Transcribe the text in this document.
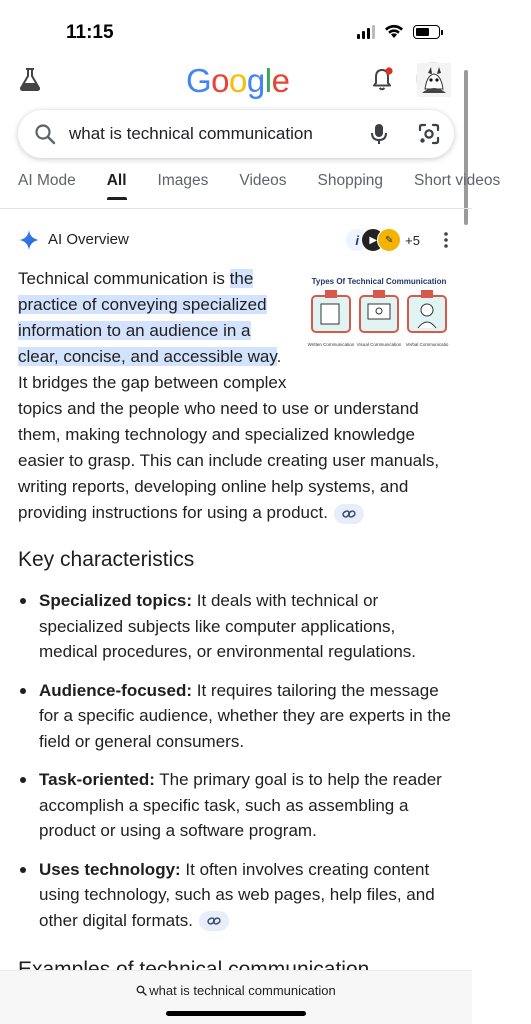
11:15
Google
what is technical communication
AI Mode All Images Videos Shopping Short videos
AI Overview	i	▶ ✎ +5
Types Of Technical Communication
Written Communication Visual Communication Verbal Communicatio
Technical communication is the practice of conveying specialized information to an audience in a clear, concise, and accessible way. It bridges the gap between complex topics and the people who need to use or understand them, making technology and specialized knowledge easier to grasp. This can include creating user manuals, writing reports, developing online help systems, and providing instructions for using a product.
Key characteristics
Specialized topics: It deals with technical or specialized subjects like computer applications, medical procedures, or environmental regulations.
Audience-focused: It requires tailoring the message for a specific audience, whether they are experts in the field or general consumers.
Task-oriented: The primary goal is to help the reader accomplish a specific task, such as assembling a product or using a software program.
Uses technology: It often involves creating content using technology, such as web pages, help files, and other digital formats.
what is technical communication
